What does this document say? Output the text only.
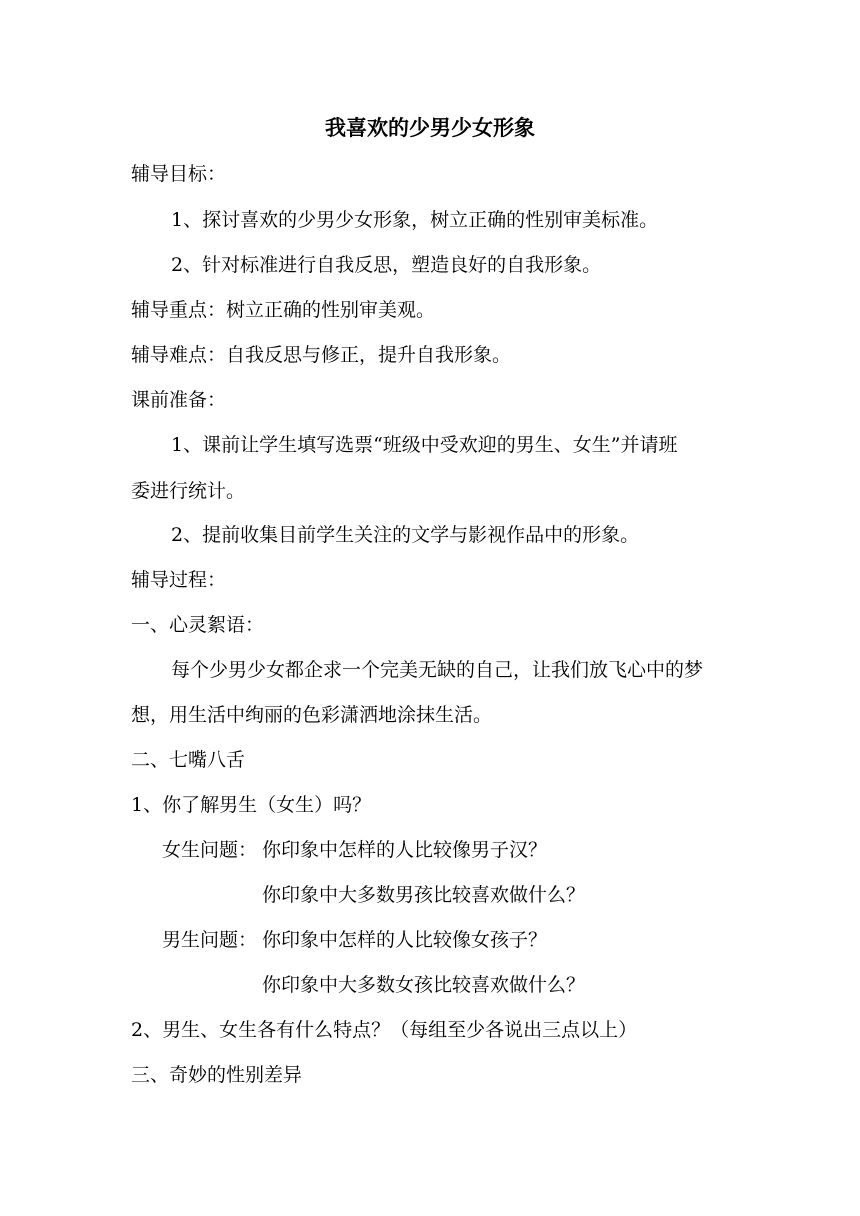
我喜欢的少男少女形象
辅导目标：
1、探讨喜欢的少男少女形象，树立正确的性别审美标准。
2、针对标准进行自我反思，塑造良好的自我形象。
辅导重点：树立正确的性别审美观。
辅导难点：自我反思与修正，提升自我形象。
课前准备：
1、课前让学生填写选票“班级中受欢迎的男生、女生”并请班
委进行统计。
2、提前收集目前学生关注的文学与影视作品中的形象。
辅导过程：
一、心灵絮语：
每个少男少女都企求一个完美无缺的自己，让我们放飞心中的梦
想，用生活中绚丽的色彩潇洒地涂抹生活。
二、七嘴八舌
1、你了解男生（女生）吗？
女生问题： 你印象中怎样的人比较像男子汉？
你印象中大多数男孩比较喜欢做什么？
男生问题： 你印象中怎样的人比较像女孩子？
你印象中大多数女孩比较喜欢做什么？
2、男生、女生各有什么特点？（每组至少各说出三点以上）
三、奇妙的性别差异
